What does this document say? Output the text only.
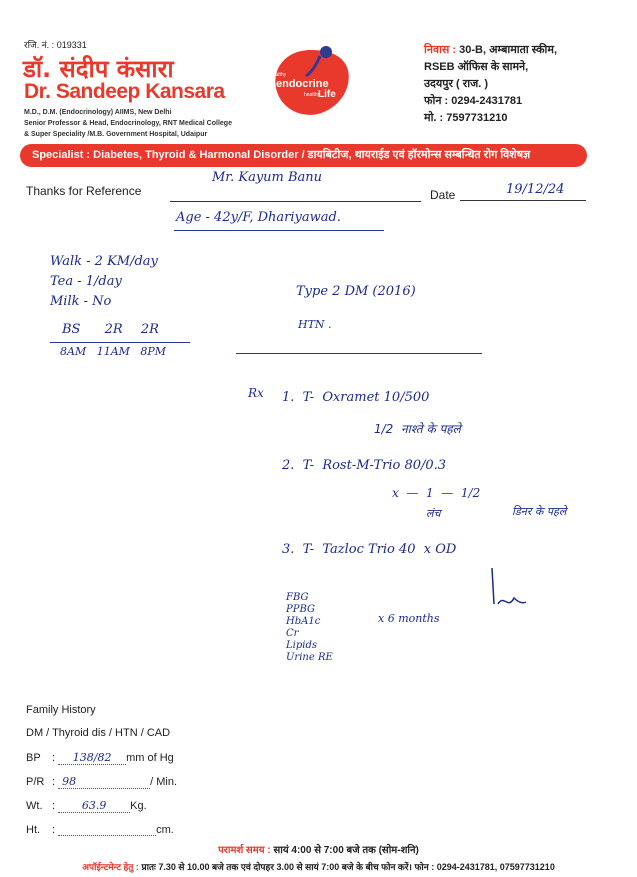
रजि. नं. : 019331
डॉ. संदीप कंसारा
Dr. Sandeep Kansara
M.D., D.M. (Endocrinology) AIIMS, New Delhi
Senior Professor & Head, Endocrinology, RNT Medical College
& Super Speciality /M.B. Government Hospital, Udaipur
healthy
endocrine
healthy
Life
निवास : 30-B, अम्बामाता स्कीम,
RSEB ऑफिस के सामने,
उदयपुर ( राज. )
फोन : 0294-2431781
मो. : 7597731210
Specialist : Diabetes, Thyroid & Harmonal Disorder / डायबिटीज, थायराईड एवं हॉरमोन्स सम्बन्धित रोग विशेषज्ञ
Thanks for Reference
Mr. Kayum Banu
Date	19/12/24
Age - 42y/F, Dhariyawad.
Walk - 2 KM/day
Tea - 1/day
Milk - No
BS 2R 2R
8AM   11AM   8PM
Type 2 DM (2016)
HTN .
Rx 1.  T-  Oxramet 10/500
1/2  नाश्ते के पहले
2.  T-  Rost-M-Trio 80/0.3
x  —  1  —  1/2
लंच	डिनर के पहले
3.  T-  Tazloc Trio 40  x OD
FBG
PPBG
HbA1c
Cr
Lipids
Urine RE
x 6 months
Family History
DM / Thyroid dis / HTN / CAD
BP : 138/82 mm of Hg
P/R : 98	/ Min.
Wt. : 63.9 Kg.
Ht. :	cm.
परामर्श समय : सायं 4:00 से 7:00 बजे तक (सोम-शनि)
अपॉईन्टमेन्ट हेतु : प्रातः 7.30 से 10.00 बजे तक एवं दोपहर 3.00 से सायं 7:00 बजे के बीच फोन करें। फोन : 0294-2431781, 07597731210
